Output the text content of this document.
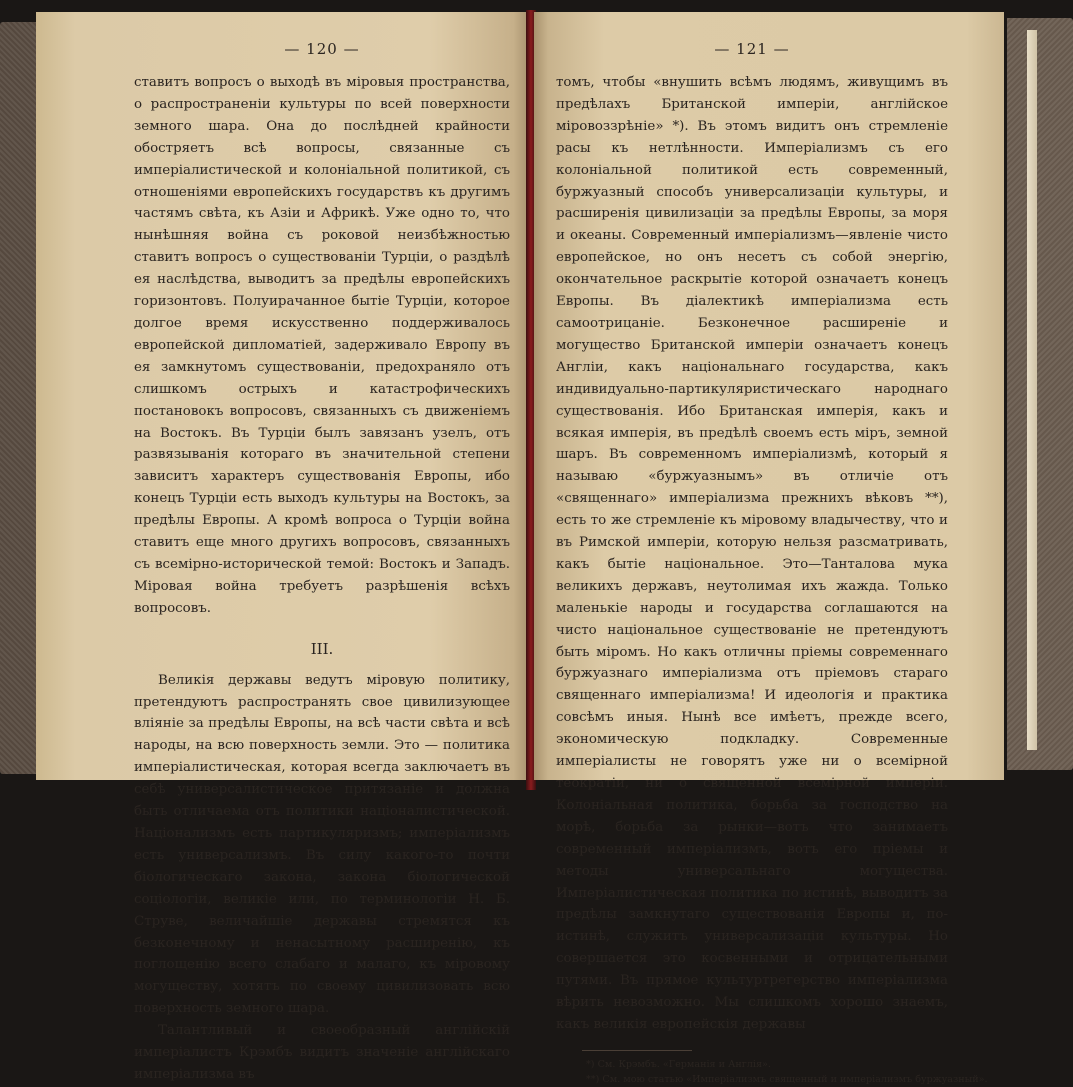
— 120 —

ставитъ вопросъ о выходѣ въ мiровыя пространства, о распространенiи культуры по всей поверхности земного шара. Она до послѣдней крайности обостряетъ всѣ вопросы, связанные съ имперiалистической и колонiальной политикой, съ отношенiями европейскихъ государствъ къ другимъ частямъ свѣта, къ Азiи и Африкѣ. Уже одно то, что нынѣшняя война съ роковой неизбѣжностью ставитъ вопросъ о существованiи Турцiи, о раздѣлѣ ея наслѣдства, выводитъ за предѣлы европейскихъ горизонтовъ. Полуирачанное бытiе Турцiи, которое долгое время искусственно поддерживалось европейской дипломатiей, задерживало Европу въ ея замкнутомъ существованiи, предохраняло отъ слишкомъ острыхъ и катастрофическихъ постановокъ вопросовъ, связанныхъ съ движенiемъ на Востокъ. Въ Турцiи былъ завязанъ узелъ, отъ развязыванiя котораго въ значительной степени зависитъ характеръ существованiя Европы, ибо конецъ Турцiи есть выходъ культуры на Востокъ, за предѣлы Европы. А кромѣ вопроса о Турцiи война ставитъ еще много другихъ вопросовъ, связанныхъ съ всемiрно-исторической темой: Востокъ и Западъ. Мiровая война требуетъ разрѣшенiя всѣхъ вопросовъ.

III.

Великiя державы ведутъ мiровую политику, претендуютъ распространять свое цивилизующее влiянiе за предѣлы Европы, на всѣ части свѣта и всѣ народы, на всю поверхность земли. Это — политика имперiалистическая, которая всегда заключаетъ въ себѣ универсалистическое притязанiе и должна быть отличаема отъ политики нацiоналистической. Нацiонализмъ есть партикуляризмъ; имперiализмъ есть универсализмъ. Въ силу какого-то почти бiологическаго закона, закона бiологической соцiологiи, великiе или, по терминологiи Н. Б. Струве, величайшiе державы стремятся къ безконечному и ненасытному расширенiю, къ поглощенiю всего слабаго и малаго, къ мiровому могуществу, хотятъ по своему цивилизовать всю поверхность земного шара.

Талантливый и своеобразный англiйскiй имперiалистъ Крэмбъ видитъ значенiе англiйскаго имперiализма въ

— 121 —

томъ, чтобы «внушить всѣмъ людямъ, живущимъ въ предѣлахъ Британской имперiи, англiйское мiровоззрѣнiе» *). Въ этомъ видитъ онъ стремленiе расы къ нетлѣнности. Имперiализмъ съ его колонiальной политикой есть современный, буржуазный способъ универсализацiи культуры, и расширенiя цивилизацiи за предѣлы Европы, за моря и океаны. Современный имперiализмъ—явленiе чисто европейское, но онъ несетъ съ собой энергiю, окончательное раскрытiе которой означаетъ конецъ Европы. Въ дiалектикѣ имперiализма есть самоотрицанiе. Безконечное расширенiе и могущество Британской имперiи означаетъ конецъ Англiи, какъ нацiональнаго государства, какъ индивидуально-партикуляристическаго народнаго существованiя. Ибо Британская имперiя, какъ и всякая имперiя, въ предѣлѣ своемъ есть мiръ, земной шаръ. Въ современномъ имперiализмѣ, который я называю «буржуазнымъ» въ отличiе отъ «священнаго» имперiализма прежнихъ вѣковъ **), есть то же стремленiе къ мiровому владычеству, что и въ Римской имперiи, которую нельзя разсматривать, какъ бытiе нацiональное. Это—Танталова мука великихъ державъ, неутолимая ихъ жажда. Только маленькiе народы и государства соглашаются на чисто нацiональное существованiе не претендуютъ быть мiромъ. Но какъ отличны прiемы современнаго буржуазнаго имперiализма отъ прiемовъ стараго священнаго имперiализма! И идеологiя и практика совсѣмъ иныя. Нынѣ все имѣетъ, прежде всего, экономическую подкладку. Современные имперiалисты не говорятъ уже ни о всемiрной теократiи, ни о священной всемiрной имперiи. Колонiальная политика, борьба за господство на морѣ, борьба за рынки—вотъ что занимаетъ современный имперiализмъ, вотъ его прiемы и методы универсальнаго могущества. Имперiалистическая политика по истинѣ, выводитъ за предѣлы замкнутаго существованiя Европы и, по-истинѣ, служитъ универсализацiи культуры. Но совершается это косвенными и отрицательными путями. Въ прямое культуртрегерство имперiализма вѣрить невозможно. Мы слишкомъ хорошо знаемъ, какъ великiя европейскiя державы

*) См. Крэмбъ. «Германiя и Англiя».
**) См. мою статью «Имперiализмъ священный и имперiализмъ буржуазный».
